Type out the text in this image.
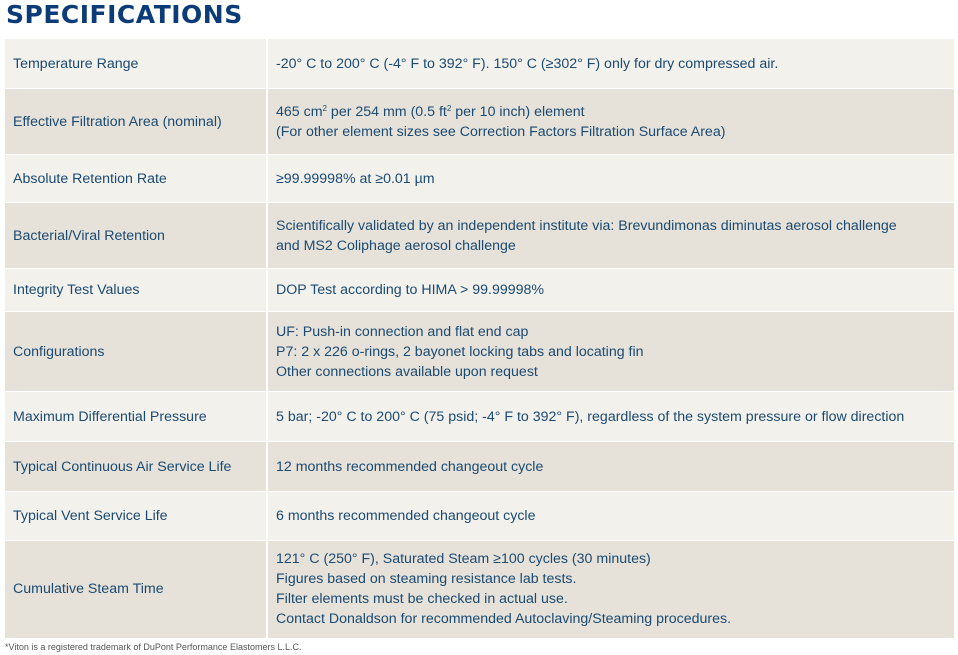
SPECIFICATIONS
Temperature Range	-20° C to 200° C (-4° F to 392° F). 150° C (≥302° F) only for dry compressed air.

Effective Filtration Area (nominal)	465 $cm^2$ per 254 mm (0.5 $ft^2$ per 10 inch) element
(For other element sizes see Correction Factors Filtration Surface Area)

Absolute Retention Rate	≥99.99998% at ≥0.01 µm

Bacterial/Viral Retention	Scientifically validated by an independent institute via: Brevundimonas diminutas aerosol challenge
and MS2 Coliphage aerosol challenge

Integrity Test Values	DOP Test according to HIMA > 99.99998%

Configurations	UF: Push-in connection and flat end cap
P7: 2 x 226 o-rings, 2 bayonet locking tabs and locating fin
Other connections available upon request

Maximum Differential Pressure	5 bar; -20° C to 200° C (75 psid; -4° F to 392° F), regardless of the system pressure or flow direction

Typical Continuous Air Service Life	12 months recommended changeout cycle

Typical Vent Service Life	6 months recommended changeout cycle

Cumulative Steam Time	121° C (250° F), Saturated Steam ≥100 cycles (30 minutes)
Figures based on steaming resistance lab tests.
Filter elements must be checked in actual use.
Contact Donaldson for recommended Autoclaving/Steaming procedures.
*Viton is a registered trademark of DuPont Performance Elastomers L.L.C.
